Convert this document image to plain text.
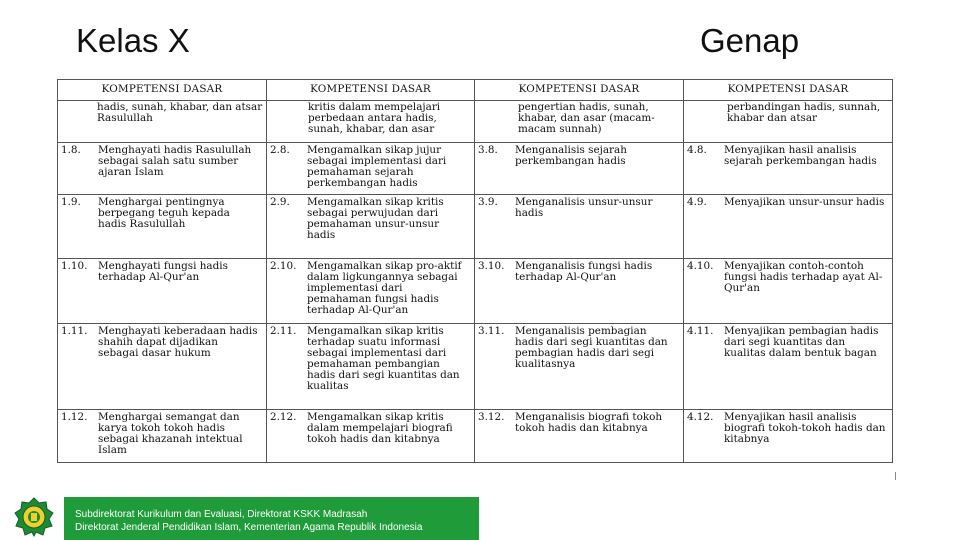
Kelas X	Genap
KOMPETENSI DASAR	KOMPETENSI DASAR	KOMPETENSI DASAR	KOMPETENSI DASAR

hadis, sunah, khabar, dan atsar Rasulullah	kritis dalam mempelajari perbedaan antara hadis, sunah, khabar, dan asar	pengertian hadis, sunah, khabar, dan asar (macam-macam sunnah)	perbandingan hadis, sunnah, khabar dan atsar

1.8. Menghayati hadis Rasulullah sebagai salah satu sumber ajaran Islam	2.8. Mengamalkan sikap jujur sebagai implementasi dari pemahaman sejarah perkembangan hadis	3.8. Menganalisis sejarah perkembangan hadis	4.8. Menyajikan hasil analisis sejarah perkembangan hadis
1.9. Menghargai pentingnya berpegang teguh kepada hadis Rasulullah	2.9. Mengamalkan sikap kritis sebagai perwujudan dari pemahaman unsur-unsur hadis	3.9. Menganalisis unsur-unsur hadis	4.9. Menyajikan unsur-unsur hadis
1.10. Menghayati fungsi hadis terhadap Al-Qur'an	2.10. Mengamalkan sikap pro-aktif dalam ligkungannya sebagai implementasi dari pemahaman fungsi hadis terhadap Al-Qur'an	3.10. Menganalisis fungsi hadis terhadap Al-Qur'an	4.10. Menyajikan contoh-contoh fungsi hadis terhadap ayat Al-Qur'an
1.11. Menghayati keberadaan hadis shahih dapat dijadikan sebagai dasar hukum	2.11. Mengamalkan sikap kritis terhadap suatu informasi sebagai implementasi dari pemahaman pembangian hadis dari segi kuantitas dan kualitas	3.11. Menganalisis pembagian hadis dari segi kuantitas dan pembagian hadis dari segi kualitasnya	4.11. Menyajikan pembagian hadis dari segi kuantitas dan kualitas dalam bentuk bagan
1.12. Menghargai semangat dan karya tokoh tokoh hadis sebagai khazanah intektual Islam	2.12. Mengamalkan sikap kritis dalam mempelajari biografi tokoh hadis dan kitabnya	3.12. Menganalisis biografi tokoh tokoh hadis dan kitabnya	4.12. Menyajikan hasil analisis biografi tokoh-tokoh hadis dan kitabnya
Subdirektorat Kurikulum dan Evaluasi, Direktorat KSKK Madrasah
Direktorat Jenderal Pendidikan Islam, Kementerian Agama Republik Indonesia
